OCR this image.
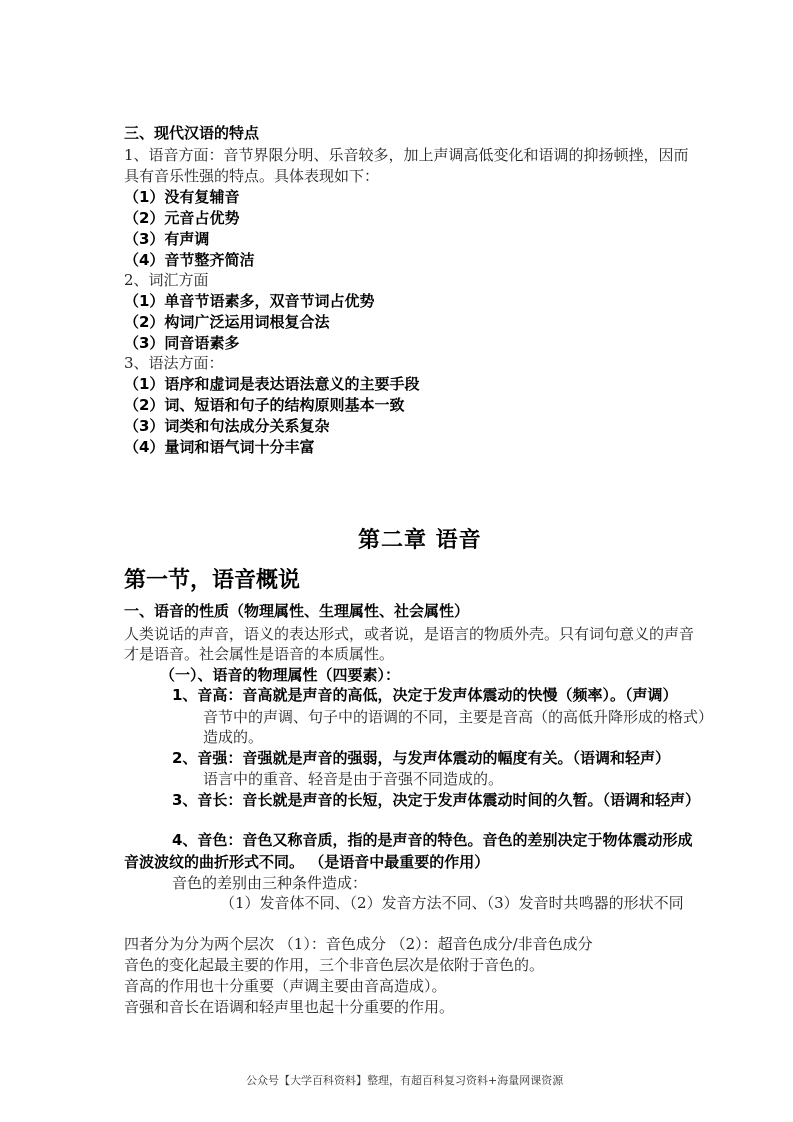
三、现代汉语的特点
1、语音方面：音节界限分明、乐音较多，加上声调高低变化和语调的抑扬顿挫，因而
具有音乐性强的特点。具体表现如下：
（1）没有复辅音
（2）元音占优势
（3）有声调
（4）音节整齐简洁
2、词汇方面
（1）单音节语素多，双音节词占优势
（2）构词广泛运用词根复合法
（3）同音语素多
3、语法方面：
（1）语序和虚词是表达语法意义的主要手段
（2）词、短语和句子的结构原则基本一致
（3）词类和句法成分关系复杂
（4）量词和语气词十分丰富
第二章 语音
第一节，语音概说
一、语音的性质（物理属性、生理属性、社会属性）
人类说话的声音，语义的表达形式，或者说，是语言的物质外壳。只有词句意义的声音
才是语音。社会属性是语音的本质属性。
（一）、语音的物理属性（四要素）：
1、音高：音高就是声音的高低，决定于发声体震动的快慢（频率）。（声调）
音节中的声调、句子中的语调的不同，主要是音高（的高低升降形成的格式）
造成的。
2、音强：音强就是声音的强弱，与发声体震动的幅度有关。（语调和轻声）
语言中的重音、轻音是由于音强不同造成的。
3、音长：音长就是声音的长短，决定于发声体震动时间的久暂。（语调和轻声）
4、音色：音色又称音质，指的是声音的特色。音色的差别决定于物体震动形成
音波波纹的曲折形式不同。 （是语音中最重要的作用）
音色的差别由三种条件造成：
（1）发音体不同、（2）发音方法不同、（3）发音时共鸣器的形状不同
四者分为分为两个层次 （1）：音色成分 （2）：超音色成分/非音色成分
音色的变化起最主要的作用，三个非音色层次是依附于音色的。
音高的作用也十分重要（声调主要由音高造成）。
音强和音长在语调和轻声里也起十分重要的作用。
公众号【大学百科资料】整理，有超百科复习资料+海量网课资源
